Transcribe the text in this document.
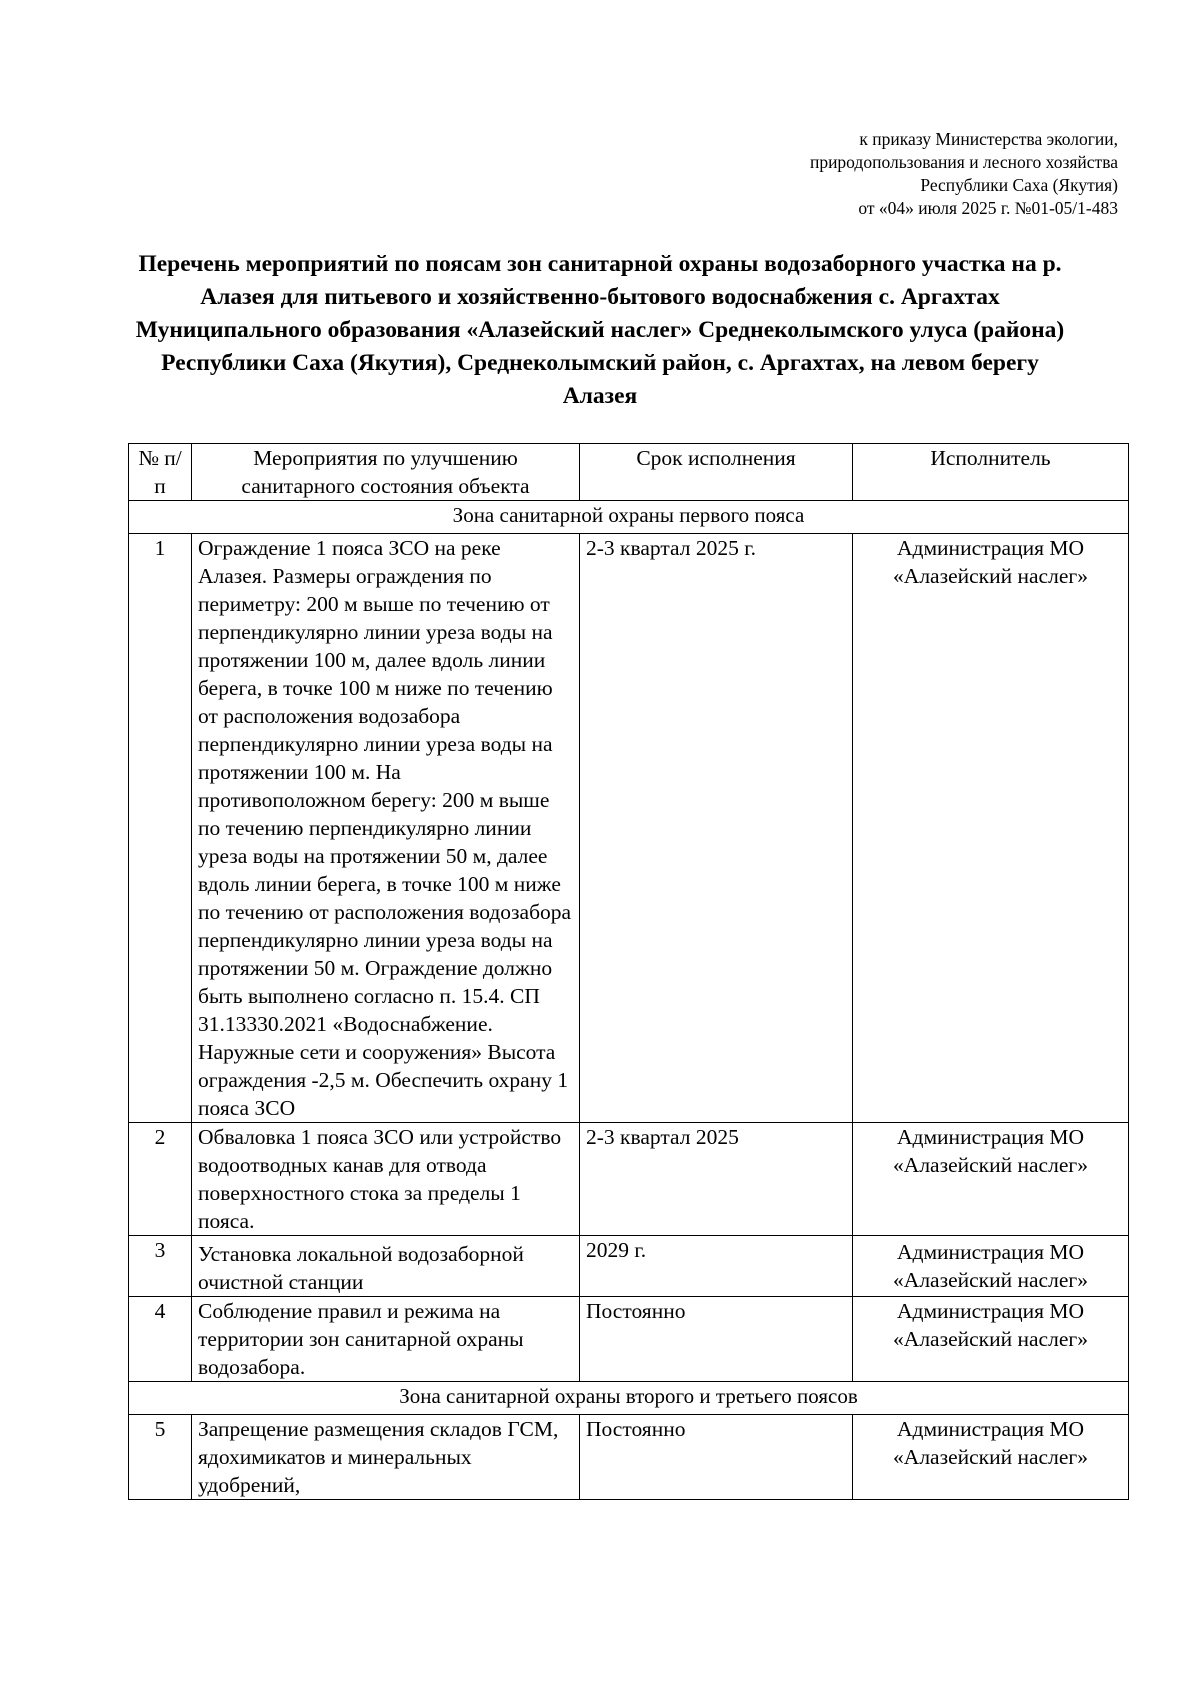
к приказу Министерства экологии,
природопользования и лесного хозяйства
Республики Саха (Якутия)
от «04» июля 2025 г. №01-05/1-483
Перечень мероприятий по поясам зон санитарной охраны водозаборного участка на р. Алазея для питьевого и хозяйственно-бытового водоснабжения с. Аргахтах Муниципального образования «Алазейский наслег» Среднеколымского улуса (района) Республики Саха (Якутия), Среднеколымский район, с. Аргахтах, на левом берегу Алазея
№ п/п	Мероприятия по улучшению санитарного состояния объекта	Срок исполнения	Исполнитель
Зона санитарной охраны первого пояса			
1	Ограждение 1 пояса ЗСО на реке Алазея. Размеры ограждения по периметру: 200 м выше по течению от перпендикулярно линии уреза воды на протяжении 100 м, далее вдоль линии берега, в точке 100 м ниже по течению от расположения водозабора перпендикулярно линии уреза воды на протяжении 100 м. На противоположном берегу: 200 м выше по течению перпендикулярно линии уреза воды на протяжении 50 м, далее вдоль линии берега, в точке 100 м ниже по течению от расположения водозабора перпендикулярно линии уреза воды на протяжении 50 м. Ограждение должно быть выполнено согласно п. 15.4. СП 31.13330.2021 «Водоснабжение. Наружные сети и сооружения» Высота ограждения -2,5 м. Обеспечить охрану 1 пояса ЗСО	2-3 квартал 2025 г.	Администрация МО «Алазейский наслег»
2	Обваловка 1 пояса ЗСО или устройство водоотводных канав для отвода поверхностного стока за пределы 1 пояса.	2-3 квартал 2025	Администрация МО «Алазейский наслег»
3	Установка локальной водозаборной очистной станции	2029 г.	Администрация МО «Алазейский наслег»
4	Соблюдение правил и режима на территории зон санитарной охраны водозабора.	Постоянно	Администрация МО «Алазейский наслег»
Зона санитарной охраны второго и третьего поясов			
5	Запрещение размещения складов ГСМ, ядохимикатов и минеральных удобрений,	Постоянно	Администрация МО «Алазейский наслег»
